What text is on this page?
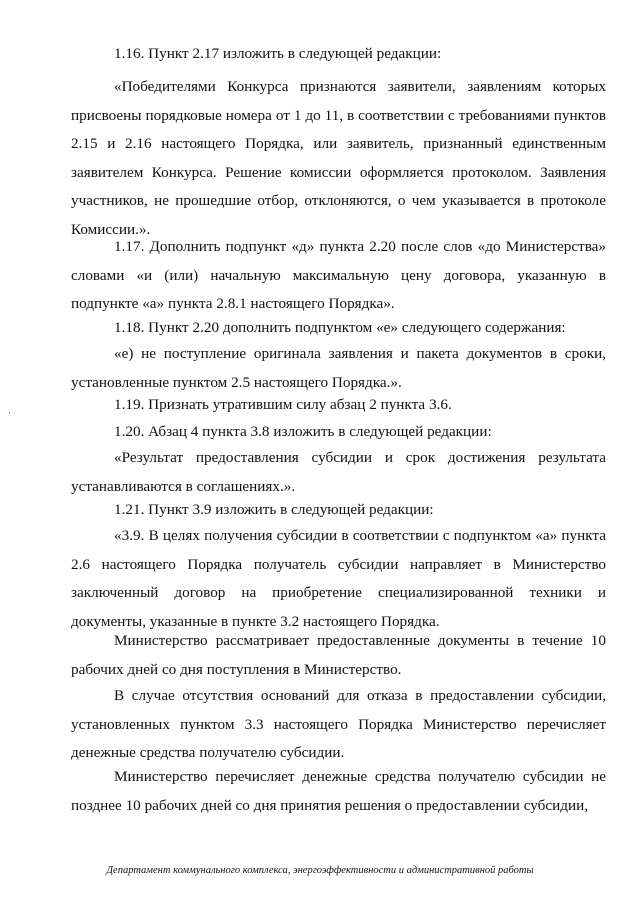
1.16. Пункт 2.17 изложить в следующей редакции:

«Победителями Конкурса признаются заявители, заявлениям которых присвоены порядковые номера от 1 до 11, в соответствии с требованиями пунктов 2.15 и 2.16 настоящего Порядка, или заявитель, признанный единственным заявителем Конкурса. Решение комиссии оформляется протоколом. Заявления участников, не прошедшие отбор, отклоняются, о чем указывается в протоколе Комиссии.».

1.17. Дополнить подпункт «д» пункта 2.20 после слов «до Министерства» словами «и (или) начальную максимальную цену договора, указанную в подпункте «а» пункта 2.8.1 настоящего Порядка».

1.18. Пункт 2.20 дополнить подпунктом «е» следующего содержания:

«е) не поступление оригинала заявления и пакета документов в сроки, установленные пунктом 2.5 настоящего Порядка.».

1.19. Признать утратившим силу абзац 2 пункта 3.6.

1.20. Абзац 4 пункта 3.8 изложить в следующей редакции:

«Результат предоставления субсидии и срок достижения результата устанавливаются в соглашениях.».

1.21. Пункт 3.9 изложить в следующей редакции:

«3.9. В целях получения субсидии в соответствии с подпунктом «а» пункта 2.6 настоящего Порядка получатель субсидии направляет в Министерство заключенный договор на приобретение специализированной техники и документы, указанные в пункте 3.2 настоящего Порядка.

Министерство рассматривает предоставленные документы в течение 10 рабочих дней со дня поступления в Министерство.

В случае отсутствия оснований для отказа в предоставлении субсидии, установленных пунктом 3.3 настоящего Порядка Министерство перечисляет денежные средства получателю субсидии.

Министерство перечисляет денежные средства получателю субсидии не позднее 10 рабочих дней со дня принятия решения о предоставлении субсидии,

Департамент коммунального комплекса, энергоэффективности и административной работы
